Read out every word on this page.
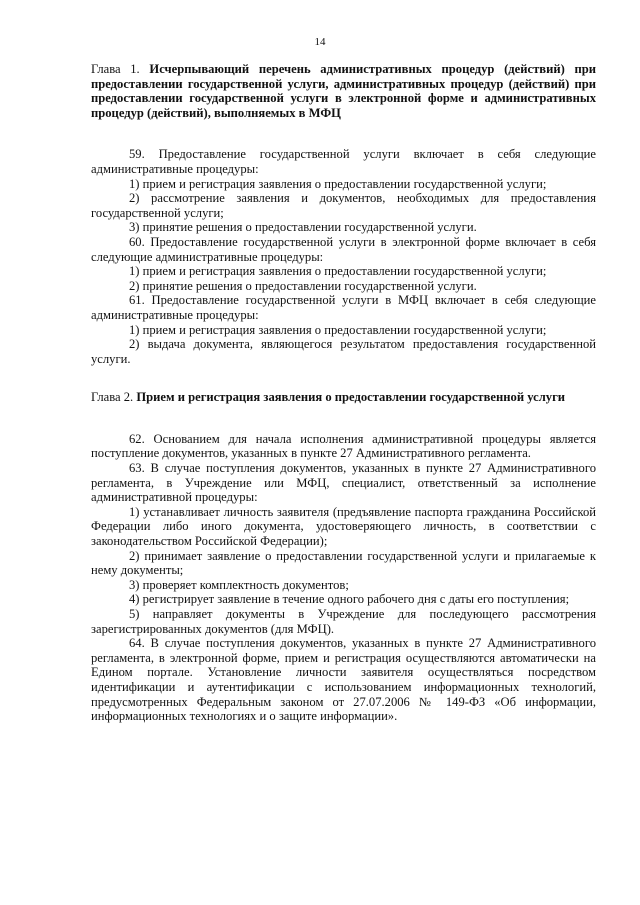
14
Глава 1. Исчерпывающий перечень административных процедур (действий) при предоставлении государственной услуги, административных процедур (действий) при предоставлении государственной услуги в электронной форме и административных процедур (действий), выполняемых в МФЦ

59. Предоставление государственной услуги включает в себя следующие административные процедуры:

1) прием и регистрация заявления о предоставлении государственной услуги;

2) рассмотрение заявления и документов, необходимых для предоставления государственной услуги;

3) принятие решения о предоставлении государственной услуги.

60. Предоставление государственной услуги в электронной форме включает в себя следующие административные процедуры:

1) прием и регистрация заявления о предоставлении государственной услуги;

2) принятие решения о предоставлении государственной услуги.

61. Предоставление государственной услуги в МФЦ включает в себя следующие административные процедуры:

1) прием и регистрация заявления о предоставлении государственной услуги;

2) выдача документа, являющегося результатом предоставления государственной услуги.

Глава 2. Прием и регистрация заявления о предоставлении государственной услуги

62. Основанием для начала исполнения административной процедуры является поступление документов, указанных в пункте 27 Административного регламента.

63. В случае поступления документов, указанных в пункте 27 Административного регламента, в Учреждение или МФЦ, специалист, ответственный за исполнение административной процедуры:

1) устанавливает личность заявителя (предъявление паспорта гражданина Российской Федерации либо иного документа, удостоверяющего личность, в соответствии с законодательством Российской Федерации);

2) принимает заявление о предоставлении государственной услуги и прилагаемые к нему документы;

3) проверяет комплектность документов;

4) регистрирует заявление в течение одного рабочего дня с даты его поступления;

5) направляет документы в Учреждение для последующего рассмотрения зарегистрированных документов (для МФЦ).

64. В случае поступления документов, указанных в пункте 27 Административного регламента, в электронной форме, прием и регистрация осуществляются автоматически на Едином портале. Установление личности заявителя осуществляться посредством идентификации и аутентификации с использованием информационных технологий, предусмотренных Федеральным законом от 27.07.2006 № 149-ФЗ «Об информации, информационных технологиях и о защите информации».
